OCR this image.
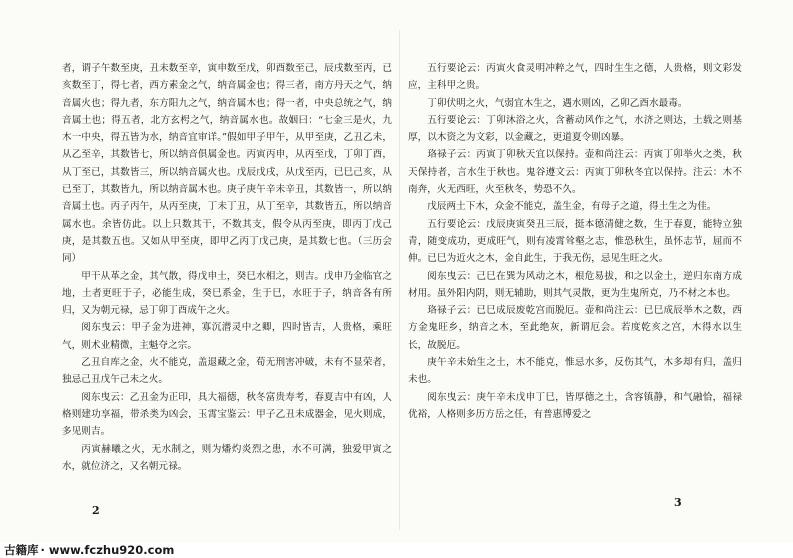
者，谓子午数至庚，丑未数至辛，寅申数至戊，卯酉数至己，辰戌数至丙，已亥数至丁，得七者，西方素金之气，纳音属金也；得三者，南方丹天之气，纳音属火也；得九者，东方阳九之气，纳音属木也；得一者，中央总统之气，纳音属土也；得五者，北方玄枵之气，纳音属水也。故姻曰：“七金三是火，九木一中央，得五皆为水，纳音宜审详。”假如甲子甲午，从甲至庚，乙丑乙未，从乙至辛，其数皆七，所以纳音俱属金也。丙寅丙申，从丙至戊，丁卯丁酉，从丁至已，其数皆三，所以纳音属火也。戊辰戊戌，从戊至丙，已巳己亥，从已至丁，其数皆九，所以纳音属木也。庚子庚午辛未辛丑，其数皆一，所以纳音属土也。丙子丙午，从丙至庚，丁未丁丑，从丁至辛，其数皆五，所以纳音属水也。余皆仿此。以上只数其干，不数其支，假令从丙至庚，即丙丁戊己庚，是其数五也。又如从甲至庚，即甲乙丙丁戊己庚，是其数七也。（三历会同）

甲干从革之金，其气散，得戊申土，癸巳水相之，则吉。戊申乃金临官之地，土者更旺于子，必能生成，癸巳系金，生于巳，水旺于子，纳音各有所归，又为朝元禄，忌丁卯丁酉成午之火。

阅东曳云：甲子金为进神，寡沉潜灵中之卿，四时皆吉，人贵格，乘旺气，则术业精微，主魁夺之宗。

乙丑自库之金，火不能克，盖退藏之金，荀无刑害冲破，未有不显荣者，独忌己丑戊午己未之火。

阅东曳云：乙丑金为正印，具大福德，秋冬富贵寿考，春夏吉中有凶，人格则建功享福，带杀类为凶会，玉霄宝鉴云：甲子乙丑未成器金，见火则成，多见则吉。

丙寅赫曦之火，无水制之，则为燔灼炎烈之患，水不可满，独爱甲寅之水，就位济之，又名朝元禄。

2

五行要论云：丙寅火食灵明冲粹之气，四时生生之德，人贵格，则文彩发应，主科甲之贵。

丁卯伏明之火，气弱宜木生之，遇水则凶，乙卯乙酉水最毒。

五行要论云：丁卯沐浴之火，含蓄动风作之气，水济之则达，土载之则基厚，以木资之为文彩，以金藏之，更道夏令则凶暴。

珞禄子云：丙寅丁卯秋天宜以保持。壶和尚注云：丙寅丁卯举火之类，秋天保持者，言水生于秋也。鬼谷遵文云：丙寅丁卯秋冬宜以保持。注云：木不南奔，火无西旺，火至秋冬，势恐不久。

戊辰两土下木，众金不能克，盖生金，有母子之道，得土生之为佳。

五行要论云：戊辰庚寅癸丑三辰，挺本德清健之数，生于春夏，能特立独青，随变成功，更成旺气，则有凌霄耸壑之志，惟恐秋生，虽怀志节，屈而不伸。已巳为近火之木，金自此生，于我无伤，忌见生旺之火。

阅东曳云：己巳在巽为风动之木，根危易拔，和之以金土，逆归东南方成材用。虽外阳内阴，则无辅助，则其气灵散，更为生鬼所克，乃不材之本也。

珞禄子云：已巳成辰废乾宫而脱厄。壶和尚注云：已巳成辰举木之数，西方金鬼旺乡，纳音之木，至此绝灰，新谓厄会。若度乾亥之宫，木得水以生长，故脱厄。

庚午辛未始生之土，木不能克，惟忌水多，反伤其气，木多却有归，盖归未也。

阅东曳云：庚午辛未戊申丁巳，皆厚德之土，含容镇静，和气融恰，福禄优裕，人格则多历方岳之任，有普惠博爱之

3
古籍库 · www.fczhu920.com
